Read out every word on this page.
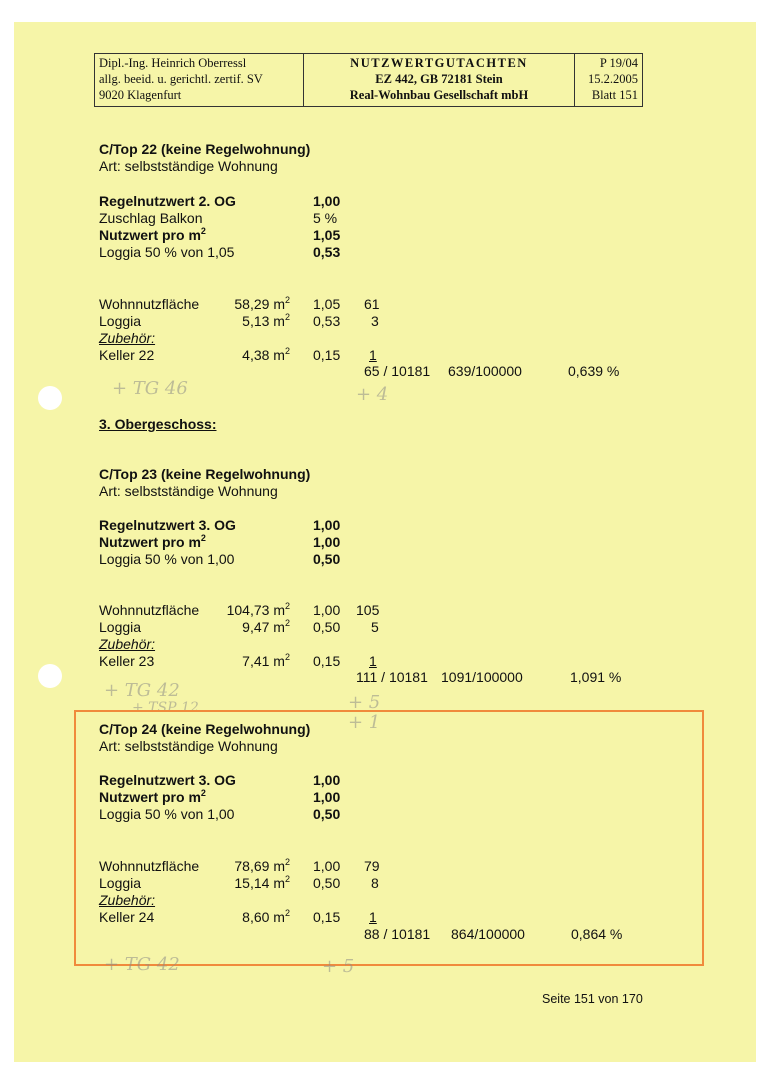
Dipl.-Ing. Heinrich Oberressl
allg. beeid. u. gerichtl. zertif. SV
9020 Klagenfurt
NUTZWERTGUTACHTEN
EZ 442, GB 72181 Stein
Real-Wohnbau Gesellschaft mbH
P 19/04
15.2.2005
Blatt 151
C/Top 22 (keine Regelwohnung)
Art: selbstständige Wohnung
Regelnutzwert 2. OG	1,00
Zuschlag Balkon	5 %
Nutzwert pro $m^2$	1,05
Loggia 50 % von 1,05	0,53
Wohnnutzfläche	58,29 $m^2$ 1,05 61
Loggia	5,13 $m^2$ 0,53 3
Zubehör:
Keller 22	4,38 $m^2$ 0,15 1
65 / 10181 639/100000	0,639 %
+ TG 46	+ 4
3. Obergeschoss:
C/Top 23 (keine Regelwohnung)
Art: selbstständige Wohnung
Regelnutzwert 3. OG	1,00
Nutzwert pro $m^2$	1,00
Loggia 50 % von 1,00	0,50
Wohnnutzfläche	104,73 $m^2$ 1,00 105
Loggia	9,47 $m^2$ 0,50 5
Zubehör:
Keller 23	7,41 $m^2$ 0,15 1
111 / 10181 1091/100000	1,091 %
+ TG 42
+ TSP 12	+ 5
+ 1
C/Top 24 (keine Regelwohnung)
Art: selbstständige Wohnung
Regelnutzwert 3. OG	1,00
Nutzwert pro $m^2$	1,00
Loggia 50 % von 1,00	0,50
Wohnnutzfläche	78,69 $m^2$ 1,00 79
Loggia	15,14 $m^2$ 0,50 8
Zubehör:
Keller 24	8,60 $m^2$ 0,15 1
88 / 10181 864/100000	0,864 %
+ TG 42	+ 5
Seite 151 von 170
